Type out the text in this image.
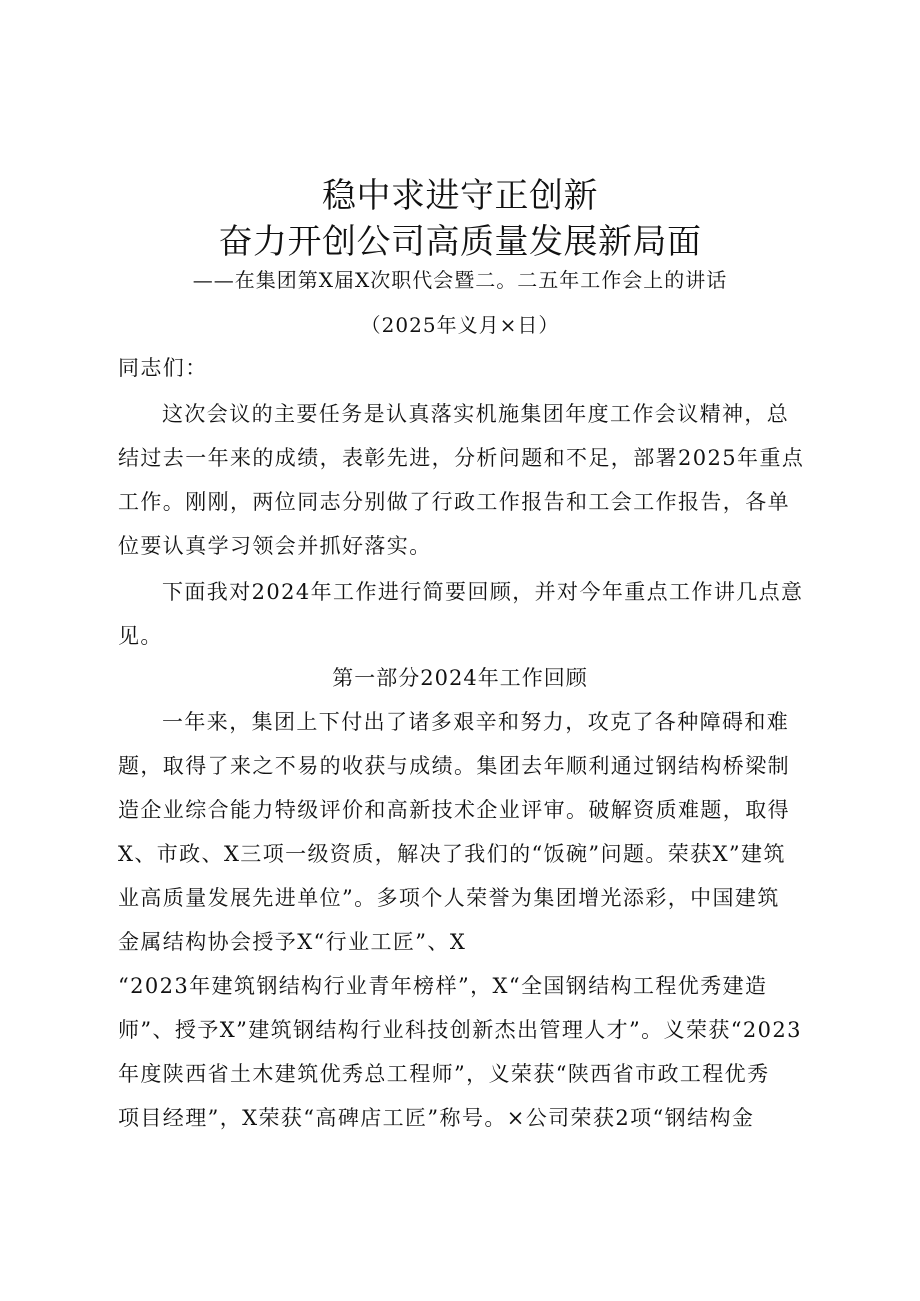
稳中求进守正创新
奋力开创公司高质量发展新局面
——在集团第X届X次职代会暨二。二五年工作会上的讲话
（2025年义月×日）
同志们：
这次会议的主要任务是认真落实机施集团年度工作会议精神，总
结过去一年来的成绩，表彰先进，分析问题和不足，部署2025年重点
工作。刚刚，两位同志分别做了行政工作报告和工会工作报告，各单
位要认真学习领会并抓好落实。
下面我对2024年工作进行简要回顾，并对今年重点工作讲几点意
见。
第一部分2024年工作回顾
一年来，集团上下付出了诸多艰辛和努力，攻克了各种障碍和难
题，取得了来之不易的收获与成绩。集团去年顺利通过钢结构桥梁制
造企业综合能力特级评价和高新技术企业评审。破解资质难题，取得
X、市政、X三项一级资质，解决了我们的“饭碗”问题。荣获X”建筑
业高质量发展先进单位”。多项个人荣誉为集团增光添彩，中国建筑
金属结构协会授予X“行业工匠”、X
“2023年建筑钢结构行业青年榜样”，X“全国钢结构工程优秀建造
师”、授予X”建筑钢结构行业科技创新杰出管理人才”。义荣获“2023
年度陕西省土木建筑优秀总工程师”，义荣获“陕西省市政工程优秀
项目经理”，X荣获“高碑店工匠”称号。×公司荣获2项“钢结构金
